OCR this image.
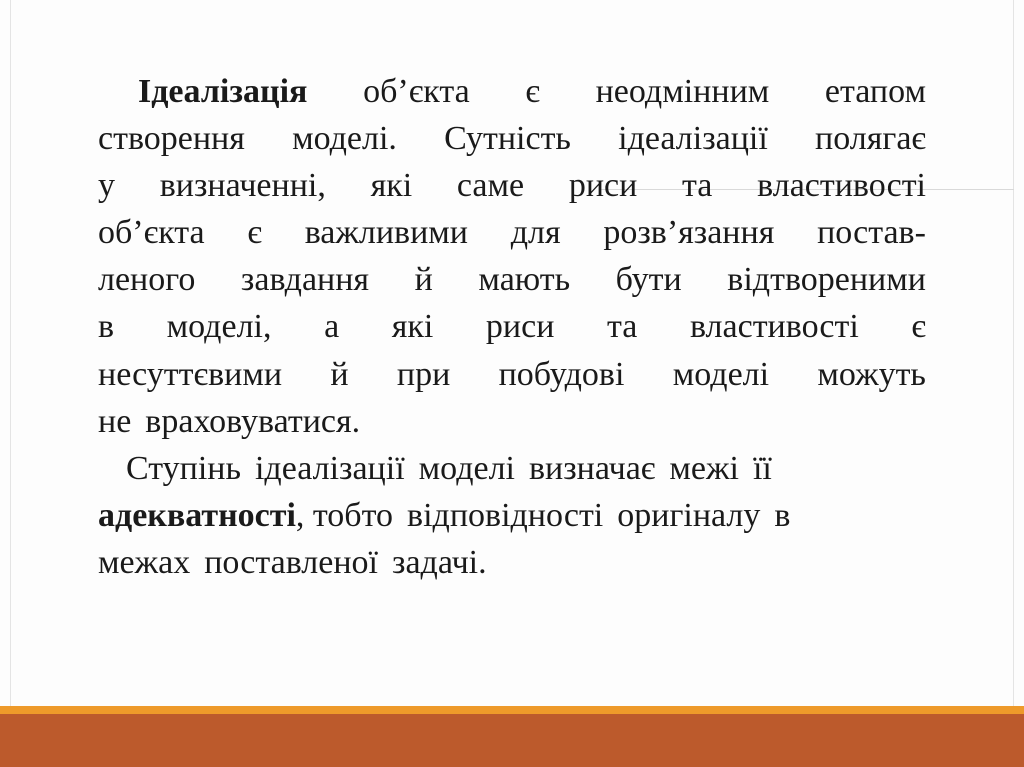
Ідеалізація об’єкта є неодмінним етапом
створення моделі. Сутність ідеалізації полягає
у визначенні, які саме риси та властивості
об’єкта є важливими для розв’язання постав-
леного завдання й мають бути відтвореними
в моделі, а які риси та властивості є
несуттєвими й при побудові моделі можуть
не враховуватися.
Ступінь ідеалізації моделі визначає межі її
адекватності, тобто відповідності оригіналу в
межах поставленої задачі.
